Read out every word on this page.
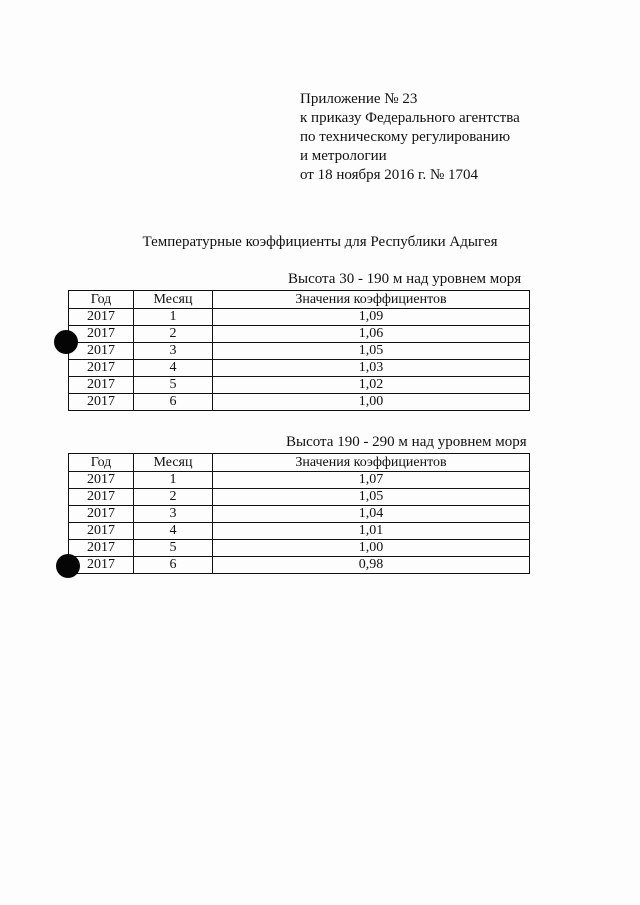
Приложение № 23
к приказу Федерального агентства
по техническому регулированию
и метрологии
от 18 ноября 2016 г. № 1704
Температурные коэффициенты для Республики Адыгея
Высота 30 - 190 м над уровнем моря
Год	Месяц	Значения коэффициентов
2017	1	1,09
2017	2	1,06
2017	3	1,05
2017	4	1,03
2017	5	1,02
2017	6	1,00
Высота 190 - 290 м над уровнем моря
Год	Месяц	Значения коэффициентов
2017	1	1,07
2017	2	1,05
2017	3	1,04
2017	4	1,01
2017	5	1,00
2017	6	0,98
